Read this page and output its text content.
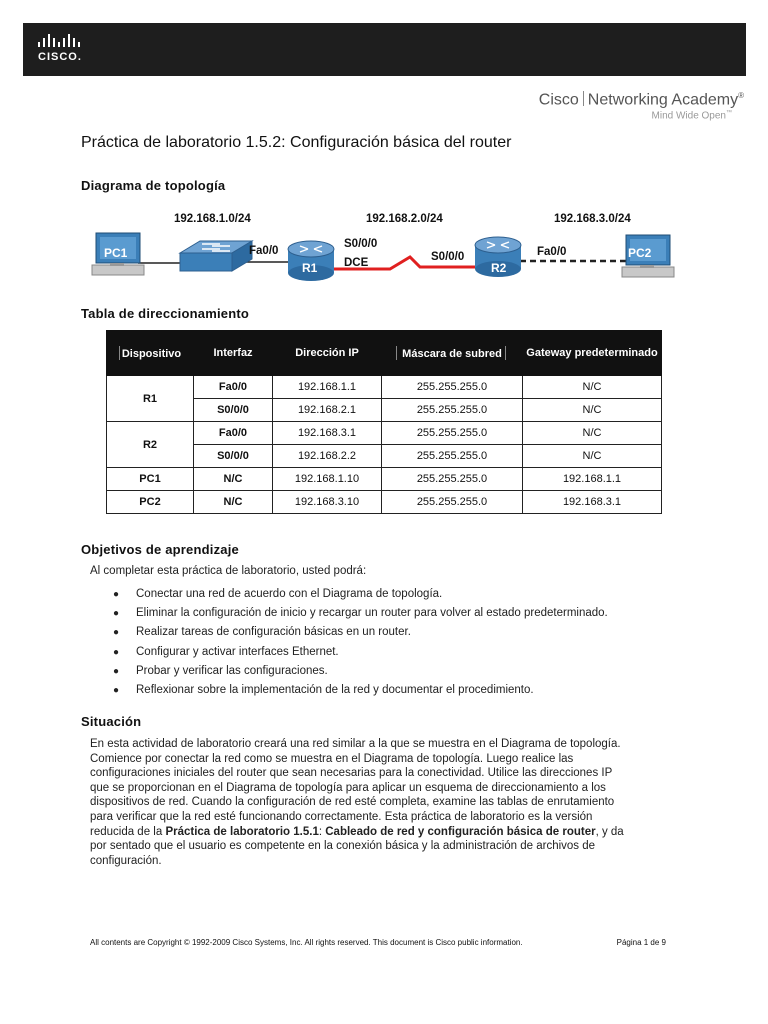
CISCO.
Cisco Networking Academy®
Mind Wide Open™
Práctica de laboratorio 1.5.2: Configuración básica del router
Diagrama de topología
192.168.1.0/24	192.168.2.0/24	192.168.3.0/24
PC1
R1	R2
PC2
Fa0/0
S0/0/0
DCE	S0/0/0	Fa0/0
Tabla de direccionamiento
Dispositivo	Interfaz	Dirección IP	Máscara de subred	Gateway predeterminado
R1	Fa0/0	192.168.1.1	255.255.255.0	N/C
	S0/0/0	192.168.2.1	255.255.255.0	N/C
R2	Fa0/0	192.168.3.1	255.255.255.0	N/C
	S0/0/0	192.168.2.2	255.255.255.0	N/C
PC1	N/C	192.168.1.10	255.255.255.0	192.168.1.1
PC2	N/C	192.168.3.10	255.255.255.0	192.168.3.1
Objetivos de aprendizaje
Al completar esta práctica de laboratorio, usted podrá:
● Conectar una red de acuerdo con el Diagrama de topología.
● Eliminar la configuración de inicio y recargar un router para volver al estado predeterminado.
● Realizar tareas de configuración básicas en un router.
● Configurar y activar interfaces Ethernet.
● Probar y verificar las configuraciones.
● Reflexionar sobre la implementación de la red y documentar el procedimiento.
Situación

En esta actividad de laboratorio creará una red similar a la que se muestra en el Diagrama de topología.

Comience por conectar la red como se muestra en el Diagrama de topología. Luego realice las

configuraciones iniciales del router que sean necesarias para la conectividad. Utilice las direcciones IP

que se proporcionan en el Diagrama de topología para aplicar un esquema de direccionamiento a los

dispositivos de red. Cuando la configuración de red esté completa, examine las tablas de enrutamiento

para verificar que la red esté funcionando correctamente. Esta práctica de laboratorio es la versión

reducida de la Práctica de laboratorio 1.5.1: Cableado de red y configuración básica de router, y da

por sentado que el usuario es competente en la conexión básica y la administración de archivos de

configuración.

All contents are Copyright © 1992-2009 Cisco Systems, Inc. All rights reserved. This document is Cisco public information.	Página 1 de 9
